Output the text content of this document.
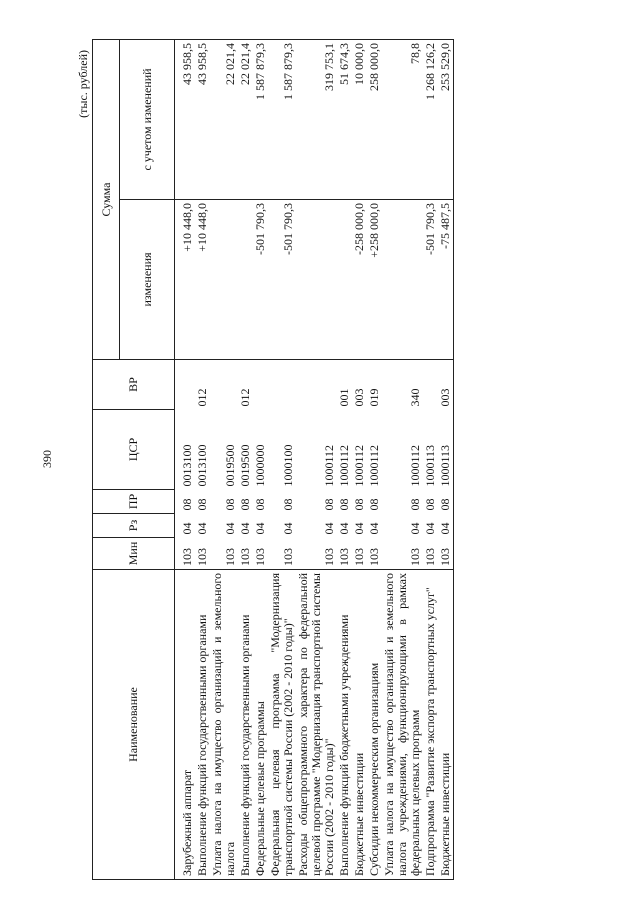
390
(тыс. рублей)
Наименование	Мин	Рз	ПР	ЦСР	ВР	Сумма	
						изменения	с учетом изменений
Зарубежный аппарат	103	04	08	0013100		+10 448,0	43 958,5
Выполнение функций государственными органами	103	04	08	0013100	012	+10 448,0	43 958,5
Уплата налога на имущество организаций и земельного налога	103	04	08	0019500			22 021,4
Выполнение функций государственными органами	103	04	08	0019500	012		22 021,4
Федеральные целевые программы	103	04	08	1000000		-501 790,3	1 587 879,3
Федеральная целевая программа "Модернизация транспортной системы России (2002 - 2010 годы)"	103	04	08	1000100		-501 790,3	1 587 879,3
Расходы общепрограммного характера по федеральной целевой программе "Модернизация транспортной системы России (2002 - 2010 годы)"	103	04	08	1000112			319 753,1
Выполнение функций бюджетными учреждениями	103	04	08	1000112	001		51 674,3
Бюджетные инвестиции	103	04	08	1000112	003	-258 000,0	10 000,0
Субсидии некоммерческим организациям	103	04	08	1000112	019	+258 000,0	258 000,0
Уплата налога на имущество организаций и земельного налога учреждениями, функционирующими в рамках федеральных целевых программ	103	04	08	1000112	340		78,8
Подпрограмма "Развитие экспорта транспортных услуг"	103	04	08	1000113		-501 790,3	1 268 126,2
Бюджетные инвестиции	103	04	08	1000113	003	-75 487,5	253 529,0
